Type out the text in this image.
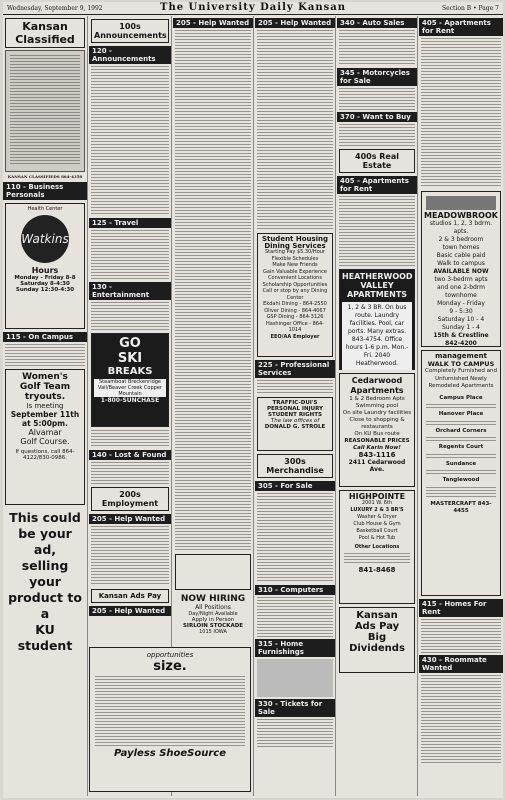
Wednesday, September 9, 1992	The University Daily Kansan	Section B • Page 7
Kansan Classified
KANSAN CLASSIFIEDS 864-4358
110 - Business Personals
Health Center
Watkins
Hours
Monday - Friday 8-8
Saturday 8-4:30
Sunday 12:30-4:30
115 - On Campus
Women's
Golf Team
tryouts.
Is meeting
September 11th
at 5:00pm.
Alvamar
Golf Course.
If questions, call 864-4122/830-0986.
This could
be your ad,
selling your
product to a
KU student
100s Announcements
120 - Announcements
125 - Travel
130 - Entertainment
GO
SKI
BREAKS
Steamboat Breckenridge Vail/Beaver Creek Copper Mountain
1-800-SUNCHASE
140 - Lost & Found
200s Employment
205 - Help Wanted
Kansan Ads Pay
205 - Help Wanted
opportunities
size.
Payless ShoeSource
205 - Help Wanted
NOW HIRING
All Positions
Day/Night Available
Apply in Person
SIRLOIN STOCKADE
1015 IOWA
205 - Help Wanted
Student Housing
Dining Services
Starting Pay $5.30/Hour
Flexible Schedules
Make New Friends
Gain Valuable Experience
Convenient Locations
Scholarship Opportunities
Call or stop by any Dining Center
Ekdahl Dining - 864-2550
Oliver Dining - 864-4067
GSP Dining - 864-3126
Hashinger Office - 864-1014
EEO/AA Employer
225 - Professional Services
TRAFFIC-DUI'S
PERSONAL INJURY
STUDENT RIGHTS
The law offices of
DONALD G. STROLE
300s Merchandise
305 - For Sale
310 - Computers
315 - Home Furnishings
330 - Tickets for Sale
340 - Auto Sales
345 - Motorcycles for Sale
370 - Want to Buy
400s Real Estate
405 - Apartments for Rent
HEATHERWOOD
VALLEY
APARTMENTS
1, 2 & 3 BR. On bus route. Laundry facilities. Pool, car ports. Many extras. 843-4754. Office hours 1-6 p.m. Mon.-Fri. 2040 Heatherwood.
Cedarwood Apartments
1 & 2 Bedroom Apts
Swimming pool
On site Laundry facilities
Close to shopping & restaurants
On KU Bus route
REASONABLE PRICES
Call Karin Now!
843-1116
2411 Cedarwood Ave.
HIGHPOINTE
2001 W. 6th
LUXURY 2 & 3 BR'S
Washer & Dryer
Club House & Gym
Basketball Court
Pool & Hot Tub
Other Locations
841-8468
Kansan
Ads Pay
Big Dividends
405 - Apartments for Rent
MEADOWBROOK
studios 1, 2, 3 bdrm. apts.
2 & 3 bedroom
town homes
Basic cable paid
Walk to campus
AVAILABLE NOW
two 3-bedrm apts
and one 2-bdrm townhome
Monday - Friday
9 - 5:30
Saturday 10 - 4
Sunday 1 - 4
15th & Crestline
842-4200
management
WALK TO CAMPUS
Completely Furnished and Unfurnished Newly Remodeled Apartments
Campus Place
Hanover Place
Orchard Corners
Regents Court
Sundance
Tanglewood
MASTERCRAFT 843-4455
415 - Homes For Rent
430 - Roommate Wanted
